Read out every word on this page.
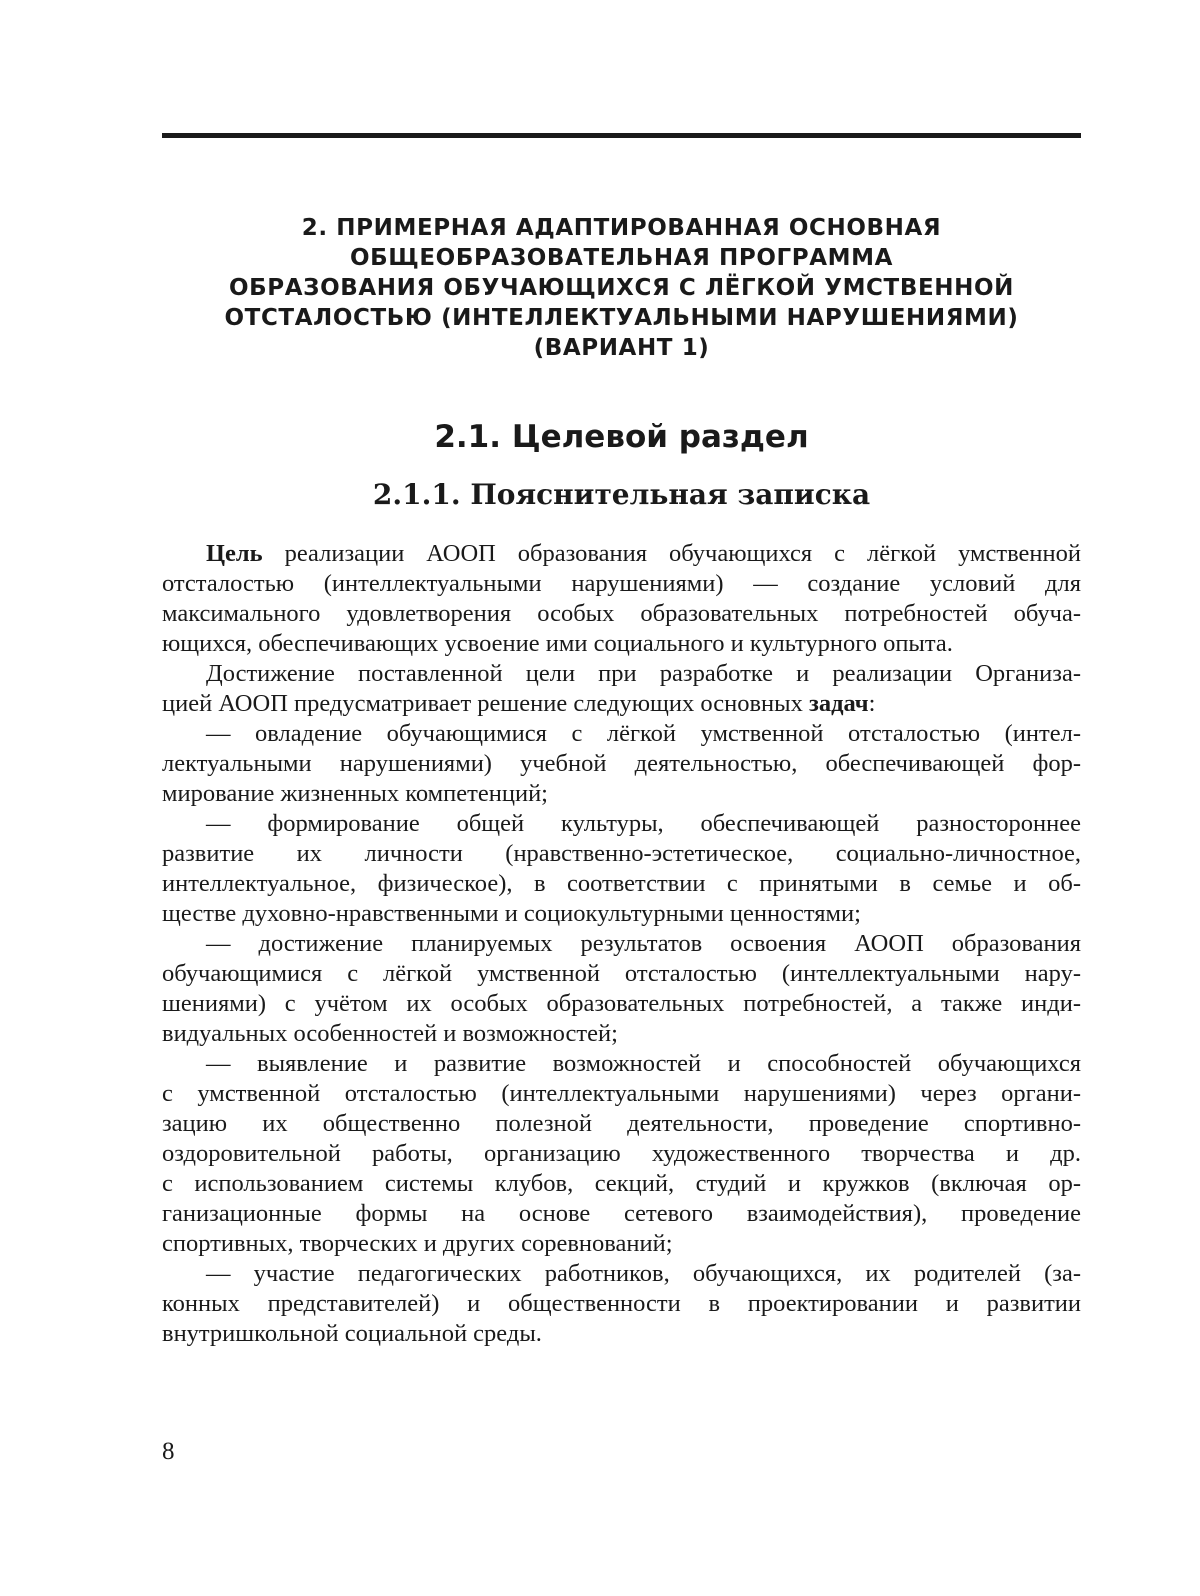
2. ПРИМЕРНАЯ АДАПТИРОВАННАЯ ОСНОВНАЯ
ОБЩЕОБРАЗОВАТЕЛЬНАЯ ПРОГРАММА
ОБРАЗОВАНИЯ ОБУЧАЮЩИХСЯ С ЛЁГКОЙ УМСТВЕННОЙ
ОТСТАЛОСТЬЮ (ИНТЕЛЛЕКТУАЛЬНЫМИ НАРУШЕНИЯМИ)
(ВАРИАНТ 1)
2.1. Целевой раздел
2.1.1. Пояснительная записка
Цель реализации АООП образования обучающихся с лёгкой умственной
отсталостью (интеллектуальными нарушениями) — создание условий для
максимального удовлетворения особых образовательных потребностей обуча-
ющихся, обеспечивающих усвоение ими социального и культурного опыта.
Достижение поставленной цели при разработке и реализации Организа-
цией АООП предусматривает решение следующих основных задач:
— овладение обучающимися с лёгкой умственной отсталостью (интел-
лектуальными нарушениями) учебной деятельностью, обеспечивающей фор-
мирование жизненных компетенций;
— формирование общей культуры, обеспечивающей разностороннее
развитие их личности (нравственно-эстетическое, социально-личностное,
интеллектуальное, физическое), в соответствии с принятыми в семье и об-
ществе духовно-нравственными и социокультурными ценностями;
— достижение планируемых результатов освоения АООП образования
обучающимися с лёгкой умственной отсталостью (интеллектуальными нару-
шениями) с учётом их особых образовательных потребностей, а также инди-
видуальных особенностей и возможностей;
— выявление и развитие возможностей и способностей обучающихся
с умственной отсталостью (интеллектуальными нарушениями) через органи-
зацию их общественно полезной деятельности, проведение спортивно-
оздоровительной работы, организацию художественного творчества и др.
с использованием системы клубов, секций, студий и кружков (включая ор-
ганизационные формы на основе сетевого взаимодействия), проведение
спортивных, творческих и других соревнований;
— участие педагогических работников, обучающихся, их родителей (за-
конных представителей) и общественности в проектировании и развитии
внутришкольной социальной среды.
8
